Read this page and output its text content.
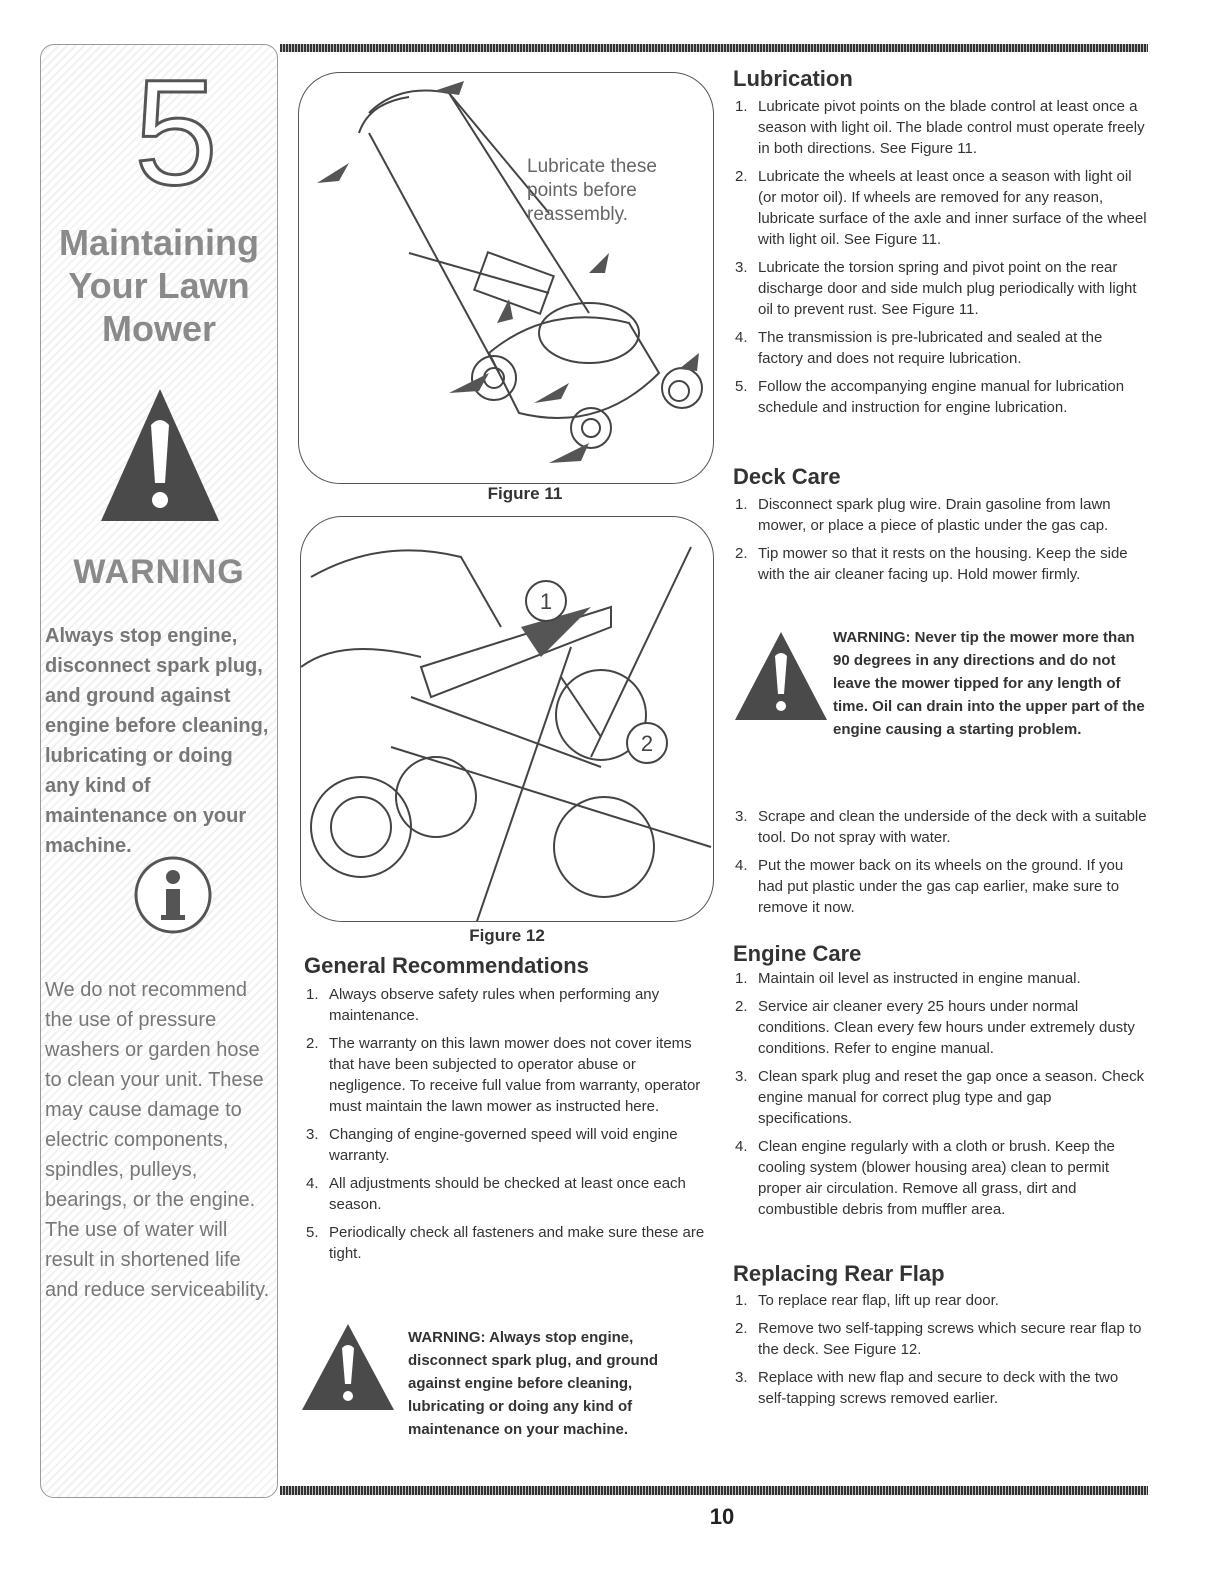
5
Maintaining
Your Lawn
Mower
WARNING
Always stop engine, disconnect spark plug, and ground against engine before cleaning, lubricating or doing any kind of maintenance on your machine.
We do not recommend the use of pressure washers or garden hose to clean your unit. These may cause damage to electric components, spindles, pulleys, bearings, or the engine. The use of water will result in shortened life and reduce serviceability.
Lubricate these points before reassembly.
Figure 11
1
2
Figure 12
General Recommendations
1. Always observe safety rules when performing any maintenance.
2. The warranty on this lawn mower does not cover items that have been subjected to operator abuse or negligence. To receive full value from warranty, operator must maintain the lawn mower as instructed here.
3. Changing of engine-governed speed will void engine warranty.
4. All adjustments should be checked at least once each season.
5. Periodically check all fasteners and make sure these are tight.
WARNING: Always stop engine, disconnect spark plug, and ground against engine before cleaning, lubricating or doing any kind of maintenance on your machine.
Lubrication
1. Lubricate pivot points on the blade control at least once a season with light oil. The blade control must operate freely in both directions. See Figure 11.
2. Lubricate the wheels at least once a season with light oil (or motor oil). If wheels are removed for any reason, lubricate surface of the axle and inner surface of the wheel with light oil. See Figure 11.
3. Lubricate the torsion spring and pivot point on the rear discharge door and side mulch plug periodically with light oil to prevent rust. See Figure 11.
4. The transmission is pre-lubricated and sealed at the factory and does not require lubrication.
5. Follow the accompanying engine manual for lubrication schedule and instruction for engine lubrication.
Deck Care
1. Disconnect spark plug wire. Drain gasoline from lawn mower, or place a piece of plastic under the gas cap.
2. Tip mower so that it rests on the housing. Keep the side with the air cleaner facing up. Hold mower firmly.
WARNING: Never tip the mower more than 90 degrees in any directions and do not leave the mower tipped for any length of time. Oil can drain into the upper part of the engine causing a starting problem.
3. Scrape and clean the underside of the deck with a suitable tool. Do not spray with water.
4. Put the mower back on its wheels on the ground. If you had put plastic under the gas cap earlier, make sure to remove it now.
Engine Care
1. Maintain oil level as instructed in engine manual.
2. Service air cleaner every 25 hours under normal conditions. Clean every few hours under extremely dusty conditions. Refer to engine manual.
3. Clean spark plug and reset the gap once a season. Check engine manual for correct plug type and gap specifications.
4. Clean engine regularly with a cloth or brush. Keep the cooling system (blower housing area) clean to permit proper air circulation. Remove all grass, dirt and combustible debris from muffler area.
Replacing Rear Flap
1. To replace rear flap, lift up rear door.
2. Remove two self-tapping screws which secure rear flap to the deck. See Figure 12.
3. Replace with new flap and secure to deck with the two self-tapping screws removed earlier.
10
